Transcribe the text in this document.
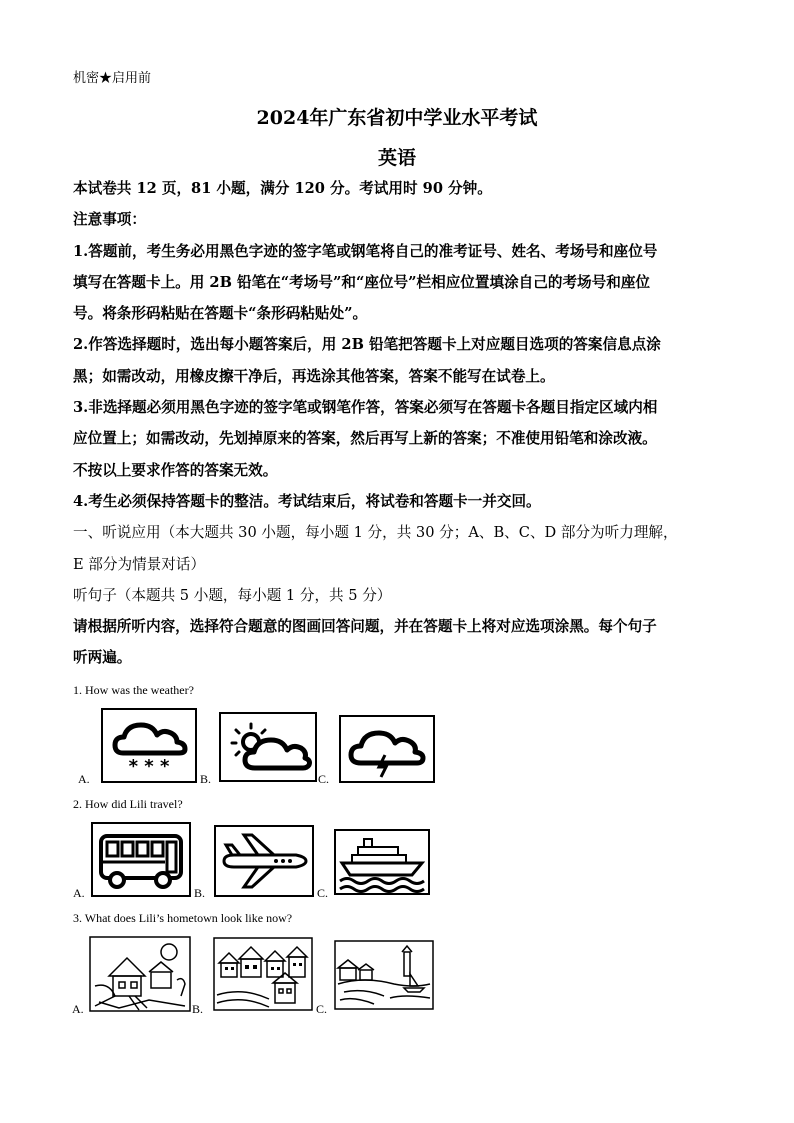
机密★启用前
2024年广东省初中学业水平考试
英语
本试卷共 12 页，81 小题，满分 120 分。考试用时 90 分钟。
注意事项：
1.答题前，考生务必用黑色字迹的签字笔或钢笔将自己的准考证号、姓名、考场号和座位号
填写在答题卡上。用 2B 铅笔在“考场号”和“座位号”栏相应位置填涂自己的考场号和座位
号。将条形码粘贴在答题卡“条形码粘贴处”。
2.作答选择题时，选出每小题答案后，用 2B 铅笔把答题卡上对应题目选项的答案信息点涂
黑；如需改动，用橡皮擦干净后，再选涂其他答案，答案不能写在试卷上。
3.非选择题必须用黑色字迹的签字笔或钢笔作答，答案必须写在答题卡各题目指定区域内相
应位置上；如需改动，先划掉原来的答案，然后再写上新的答案；不准使用铅笔和涂改液。
不按以上要求作答的答案无效。
4.考生必须保持答题卡的整洁。考试结束后，将试卷和答题卡一并交回。
一、听说应用（本大题共 30 小题，每小题 1 分，共 30 分；A、B、C、D 部分为听力理解，
E 部分为情景对话）
听句子（本题共 5 小题，每小题 1 分，共 5 分）
请根据所听内容，选择符合题意的图画回答问题，并在答题卡上将对应选项涂黑。每个句子
听两遍。
1. How was the weather?
A.
* * *
B.	C.
2. How did Lili travel?
A.	B.	C.
3. What does Lili’s hometown look like now?
A.	B.	C.
